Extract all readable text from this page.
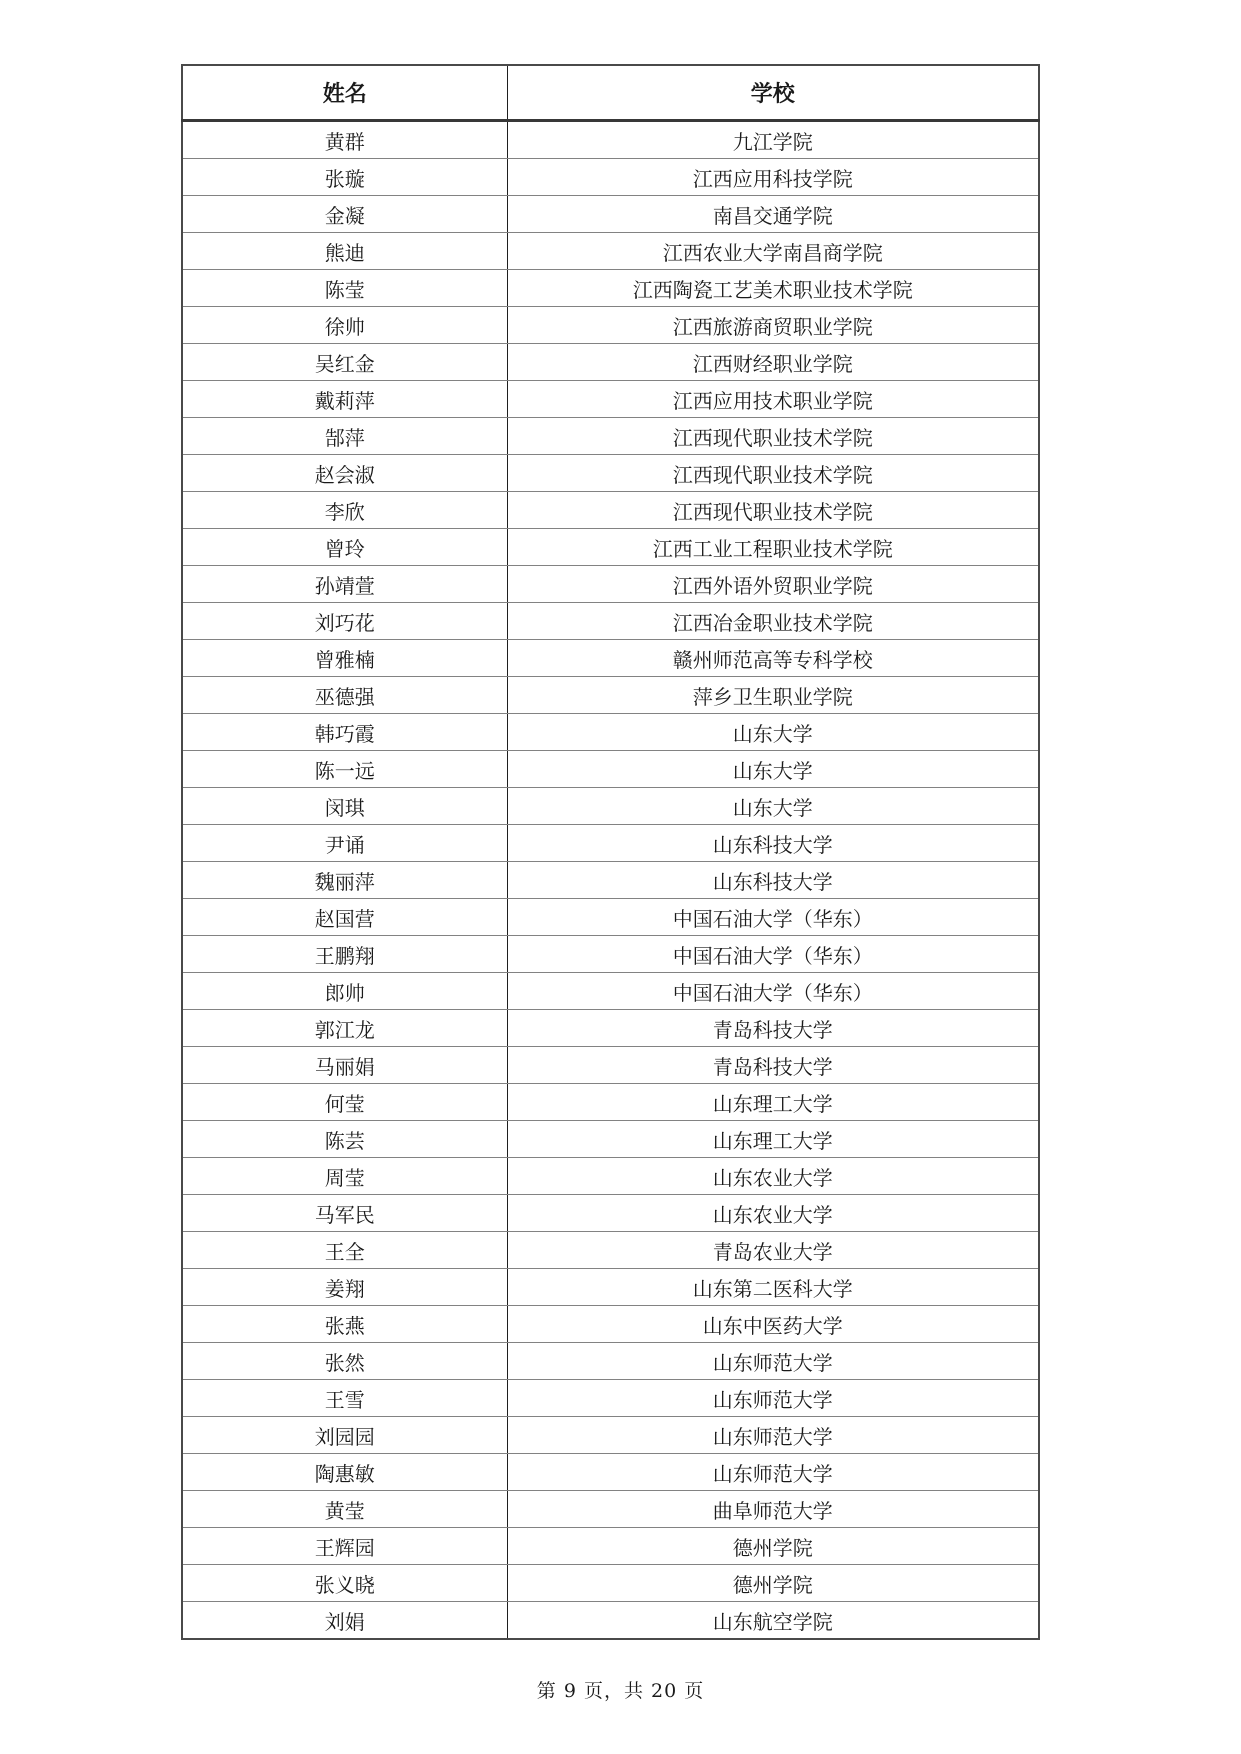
姓名	学校
黄群	九江学院
张璇	江西应用科技学院
金凝	南昌交通学院
熊迪	江西农业大学南昌商学院
陈莹	江西陶瓷工艺美术职业技术学院
徐帅	江西旅游商贸职业学院
吴红金	江西财经职业学院
戴莉萍	江西应用技术职业学院
郜萍	江西现代职业技术学院
赵会淑	江西现代职业技术学院
李欣	江西现代职业技术学院
曾玲	江西工业工程职业技术学院
孙靖萱	江西外语外贸职业学院
刘巧花	江西冶金职业技术学院
曾雅楠	赣州师范高等专科学校
巫德强	萍乡卫生职业学院
韩巧霞	山东大学
陈一远	山东大学
闵琪	山东大学
尹诵	山东科技大学
魏丽萍	山东科技大学
赵国营	中国石油大学（华东）
王鹏翔	中国石油大学（华东）
郎帅	中国石油大学（华东）
郭江龙	青岛科技大学
马丽娟	青岛科技大学
何莹	山东理工大学
陈芸	山东理工大学
周莹	山东农业大学
马军民	山东农业大学
王全	青岛农业大学
姜翔	山东第二医科大学
张燕	山东中医药大学
张然	山东师范大学
王雪	山东师范大学
刘园园	山东师范大学
陶惠敏	山东师范大学
黄莹	曲阜师范大学
王辉园	德州学院
张义晓	德州学院
刘娟	山东航空学院
第 9 页，共 20 页
